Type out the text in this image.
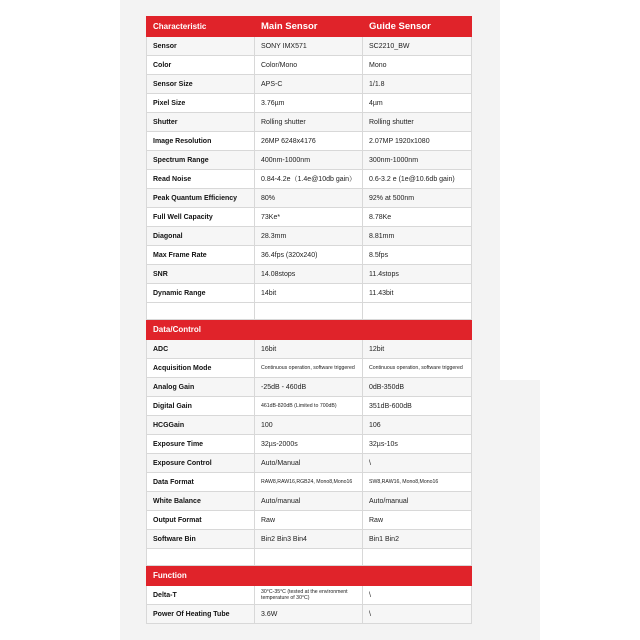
Characteristic	Main Sensor	Guide Sensor
Sensor	SONY IMX571	SC2210_BW
Color	Color/Mono	Mono
Sensor Size	APS-C	1/1.8
Pixel Size	3.76µm	4µm
Shutter	Rolling shutter	Rolling shutter
Image Resolution	26MP 6248x4176	2.07MP 1920x1080
Spectrum Range	400nm-1000nm	300nm-1000nm
Read Noise	0.84-4.2e（1.4e@10db gain）	0.6-3.2 e (1e@10.6db gain)
Peak Quantum Efficiency	80%	92% at 500nm
Full Well Capacity	73Ke*	8.78Ke
Diagonal	28.3mm	8.81mm
Max Frame Rate	36.4fps (320x240)	8.5fps
SNR	14.08stops	11.4stops
Dynamic Range	14bit	11.43bit

Data/Control		
ADC	16bit	12bit
Acquisition Mode	Continuous operation, software triggered	Continuous operation, software triggered
Analog Gain	-25dB - 460dB	0dB-350dB
Digital Gain	461dB-820dB (Limited to 700dB)	351dB-600dB
HCGGain	100	106
Exposure Time	32µs-2000s	32µs-10s
Exposure Control	Auto/Manual	\
Data Format	RAW8,RAW16,RGB24, Mono8,Mono16	SW8,RAW16, Mono8,Mono16
White Balance	Auto/manual	Auto/manual
Output Format	Raw	Raw
Software Bin	Bin2 Bin3 Bin4	Bin1 Bin2

Function		
Delta-T	30°C-35°C (tested at the environment temperature of 30°C)	\
Power Of Heating Tube	3.6W	\
